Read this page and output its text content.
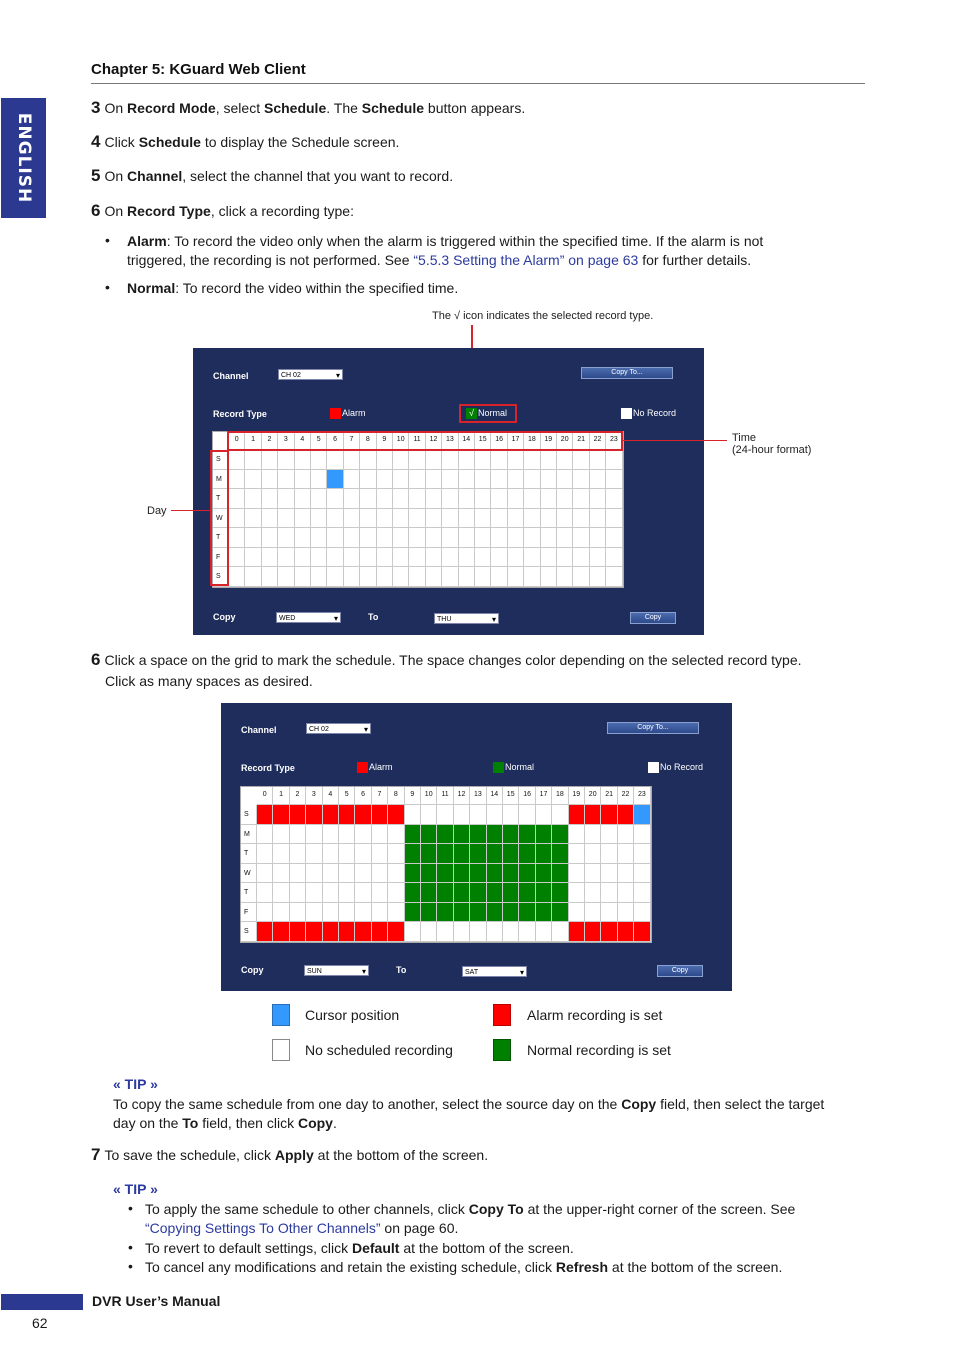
ENGLISH
Chapter 5: KGuard Web Client
3 On Record Mode, select Schedule. The Schedule button appears.
4 Click Schedule to display the Schedule screen.
5 On Channel, select the channel that you want to record.
6 On Record Type, click a recording type:
• Alarm: To record the video only when the alarm is triggered within the specified time. If the alarm is not
triggered, the recording is not performed. See “5.5.3 Setting the Alarm” on page 63 for further details.
• Normal: To record the video within the specified time.
The √ icon indicates the selected record type.
Channel	CH 02 ▾	Copy To...
Record Type	Alarm	√ Normal	No Record
0	1	2	3	4	5	6	7	8	9	10	11	12	13	14	15	16	17	18	19	20	21	22	23
S
M
T
W
T
F
S
Copy	WED ▾	To	THU ▾	Copy
Time
(24-hour format)
Day
6 Click a space on the grid to mark the schedule. The space changes color depending on the selected record type.
Click as many spaces as desired.
Channel	CH 02 ▾	Copy To...
Record Type	Alarm	Normal	No Record
0	1	2	3	4	5	6	7	8	9	10	11	12	13	14	15	16	17	18	19	20	21	22	23
S
M
T
W
T
F
S
Copy	SUN ▾	To	SAT ▾	Copy
Cursor position	Alarm recording is set
No scheduled recording	Normal recording is set
« TIP »
To copy the same schedule from one day to another, select the source day on the Copy field, then select the target
day on the To field, then click Copy.
7 To save the schedule, click Apply at the bottom of the screen.
« TIP »
• To apply the same schedule to other channels, click Copy To at the upper-right corner of the screen. See
“Copying Settings To Other Channels” on page 60.
• To revert to default settings, click Default at the bottom of the screen.
• To cancel any modifications and retain the existing schedule, click Refresh at the bottom of the screen.
DVR User’s Manual
62
